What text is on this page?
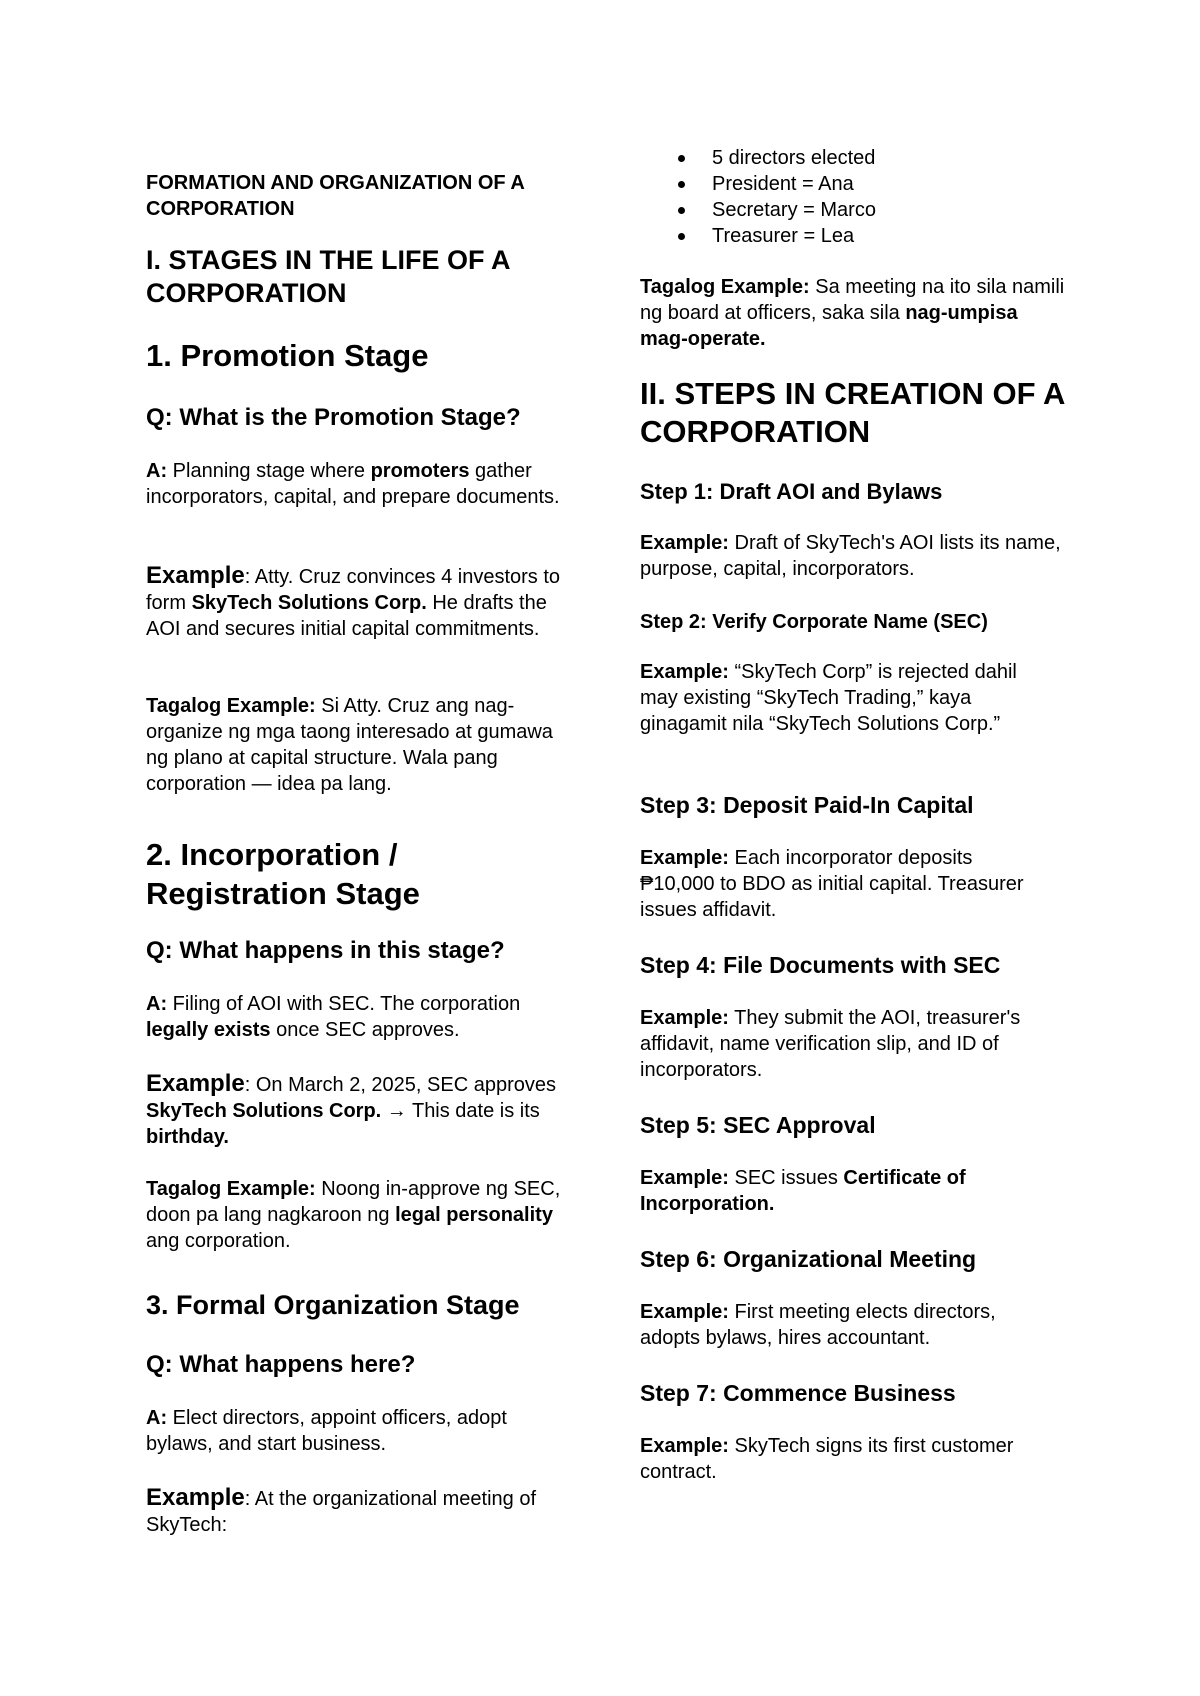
FORMATION AND ORGANIZATION OF A CORPORATION
I. STAGES IN THE LIFE OF A CORPORATION
1. Promotion Stage
Q: What is the Promotion Stage?

A: Planning stage where promoters gather incorporators, capital, and prepare documents.

Example: Atty. Cruz convinces 4 investors to form SkyTech Solutions Corp. He drafts the AOI and secures initial capital commitments.

Tagalog Example: Si Atty. Cruz ang nag-organize ng mga taong interesado at gumawa ng plano at capital structure. Wala pang corporation — idea pa lang.

2. Incorporation / Registration Stage
Q: What happens in this stage?

A: Filing of AOI with SEC. The corporation legally exists once SEC approves.

Example: On March 2, 2025, SEC approves SkyTech Solutions Corp. → This date is its birthday.

Tagalog Example: Noong in-approve ng SEC, doon pa lang nagkaroon ng legal personality ang corporation.

3. Formal Organization Stage
Q: What happens here?

A: Elect directors, appoint officers, adopt bylaws, and start business.

Example: At the organizational meeting of SkyTech:

5 directors elected
President = Ana
Secretary = Marco
Treasurer = Lea

Tagalog Example: Sa meeting na ito sila namili ng board at officers, saka sila nag-umpisa mag-operate.

II. STEPS IN CREATION OF A CORPORATION
Step 1: Draft AOI and Bylaws

Example: Draft of SkyTech's AOI lists its name, purpose, capital, incorporators.

Step 2: Verify Corporate Name (SEC)

Example: “SkyTech Corp” is rejected dahil may existing “SkyTech Trading,” kaya ginagamit nila “SkyTech Solutions Corp.”

Step 3: Deposit Paid-In Capital

Example: Each incorporator deposits ₱10,000 to BDO as initial capital. Treasurer issues affidavit.

Step 4: File Documents with SEC

Example: They submit the AOI, treasurer's affidavit, name verification slip, and ID of incorporators.

Step 5: SEC Approval

Example: SEC issues Certificate of Incorporation.

Step 6: Organizational Meeting

Example: First meeting elects directors, adopts bylaws, hires accountant.

Step 7: Commence Business

Example: SkyTech signs its first customer contract.
